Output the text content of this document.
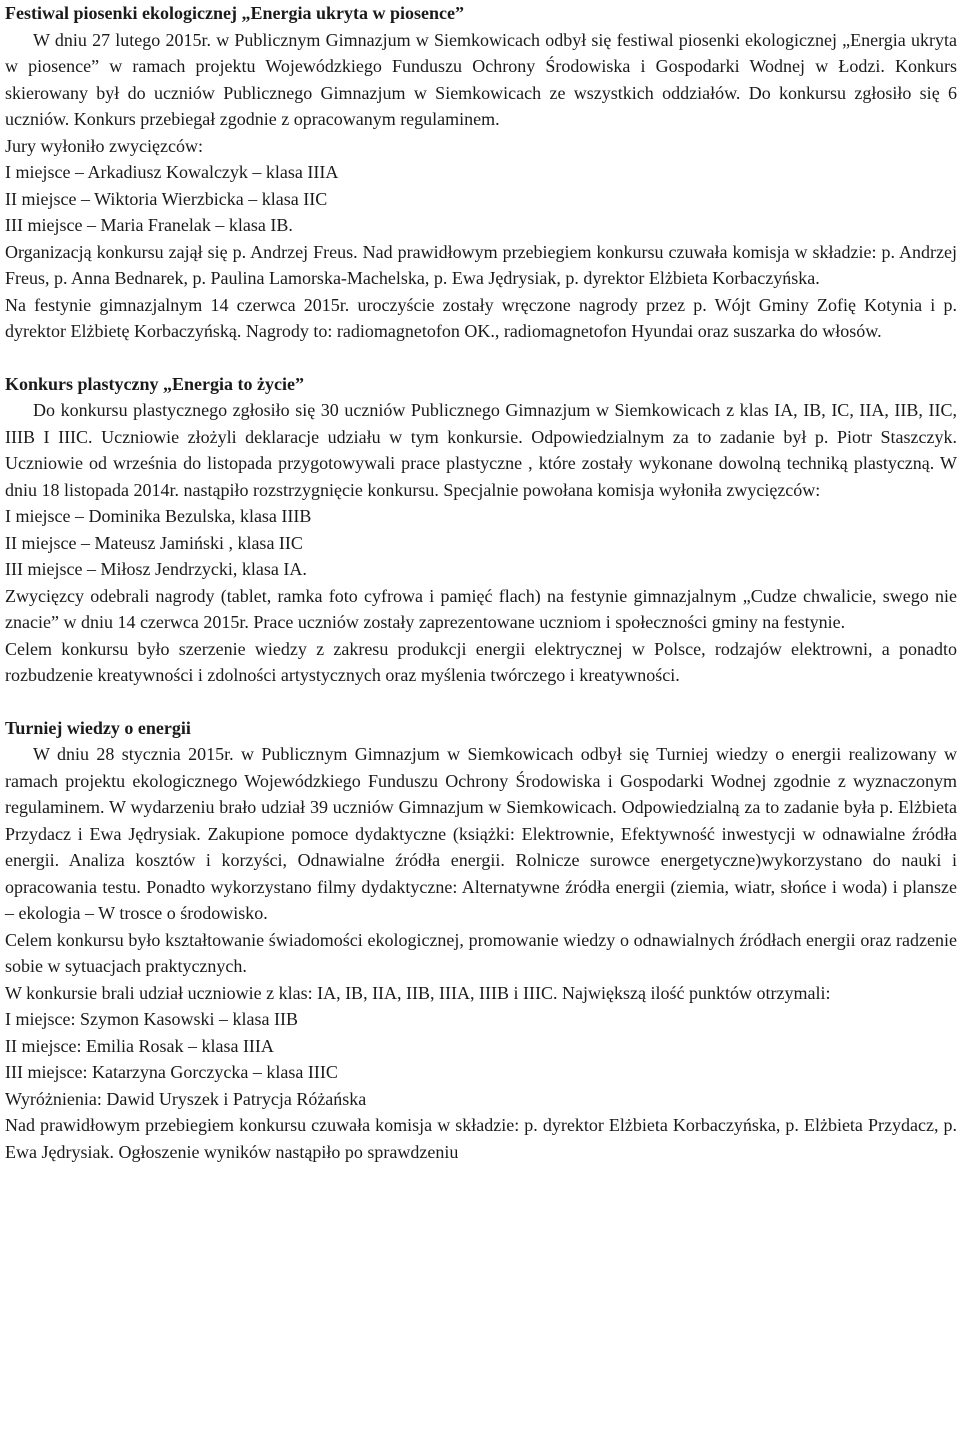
Festiwal piosenki ekologicznej „Energia ukryta w piosence”

W dniu 27 lutego 2015r. w Publicznym Gimnazjum w Siemkowicach odbył się festiwal piosenki ekologicznej „Energia ukryta w piosence” w ramach projektu Wojewódzkiego Funduszu Ochrony Środowiska i Gospodarki Wodnej w Łodzi. Konkurs skierowany był do uczniów Publicznego Gimnazjum w Siemkowicach ze wszystkich oddziałów. Do konkursu zgłosiło się 6 uczniów. Konkurs przebiegał zgodnie z opracowanym regulaminem.

Jury wyłoniło zwycięzców:

I miejsce – Arkadiusz Kowalczyk – klasa IIIA

II miejsce – Wiktoria Wierzbicka – klasa IIC

III miejsce – Maria Franelak – klasa IB.

Organizacją konkursu zajął się p. Andrzej Freus. Nad prawidłowym przebiegiem konkursu czuwała komisja w składzie: p. Andrzej Freus, p. Anna Bednarek, p. Paulina Lamorska-Machelska, p. Ewa Jędrysiak, p. dyrektor Elżbieta Korbaczyńska.

Na festynie gimnazjalnym 14 czerwca 2015r. uroczyście zostały wręczone nagrody przez p. Wójt Gminy Zofię Kotynia i p. dyrektor Elżbietę Korbaczyńską. Nagrody to: radiomagnetofon OK., radiomagnetofon Hyundai oraz suszarka do włosów.

Konkurs plastyczny „Energia to życie”

Do konkursu plastycznego zgłosiło się 30 uczniów Publicznego Gimnazjum w Siemkowicach z klas IA, IB, IC, IIA, IIB, IIC, IIIB I IIIC. Uczniowie złożyli deklaracje udziału w tym konkursie. Odpowiedzialnym za to zadanie był p. Piotr Staszczyk. Uczniowie od września do listopada przygotowywali prace plastyczne , które zostały wykonane dowolną techniką plastyczną. W dniu 18 listopada 2014r. nastąpiło rozstrzygnięcie konkursu. Specjalnie powołana komisja wyłoniła zwycięzców:

I miejsce – Dominika Bezulska, klasa IIIB

II miejsce – Mateusz Jamiński , klasa IIC

III miejsce – Miłosz Jendrzycki, klasa IA.

Zwycięzcy odebrali nagrody (tablet, ramka foto cyfrowa i pamięć flach) na festynie gimnazjalnym „Cudze chwalicie, swego nie znacie” w dniu 14 czerwca 2015r. Prace uczniów zostały zaprezentowane uczniom i społeczności gminy na festynie.

Celem konkursu było szerzenie wiedzy z zakresu produkcji energii elektrycznej w Polsce, rodzajów elektrowni, a ponadto rozbudzenie kreatywności i zdolności artystycznych oraz myślenia twórczego i kreatywności.

Turniej wiedzy o energii

W dniu 28 stycznia 2015r. w Publicznym Gimnazjum w Siemkowicach odbył się Turniej wiedzy o energii realizowany w ramach projektu ekologicznego Wojewódzkiego Funduszu Ochrony Środowiska i Gospodarki Wodnej zgodnie z wyznaczonym regulaminem. W wydarzeniu brało udział 39 uczniów Gimnazjum w Siemkowicach. Odpowiedzialną za to zadanie była p. Elżbieta Przydacz i Ewa Jędrysiak. Zakupione pomoce dydaktyczne (książki: Elektrownie, Efektywność inwestycji w odnawialne źródła energii. Analiza kosztów i korzyści, Odnawialne źródła energii. Rolnicze surowce energetyczne)wykorzystano do nauki i opracowania testu. Ponadto wykorzystano filmy dydaktyczne: Alternatywne źródła energii (ziemia, wiatr, słońce i woda) i plansze – ekologia – W trosce o środowisko.

Celem konkursu było kształtowanie świadomości ekologicznej, promowanie wiedzy o odnawialnych źródłach energii oraz radzenie sobie w sytuacjach praktycznych.

W konkursie brali udział uczniowie z klas: IA, IB, IIA, IIB, IIIA, IIIB i IIIC. Największą ilość punktów otrzymali:

I miejsce: Szymon Kasowski – klasa IIB

II miejsce: Emilia Rosak – klasa IIIA

III miejsce: Katarzyna Gorczycka – klasa IIIC

Wyróżnienia: Dawid Uryszek i Patrycja Różańska

Nad prawidłowym przebiegiem konkursu czuwała komisja w składzie: p. dyrektor Elżbieta Korbaczyńska, p. Elżbieta Przydacz, p. Ewa Jędrysiak. Ogłoszenie wyników nastąpiło po sprawdzeniu
